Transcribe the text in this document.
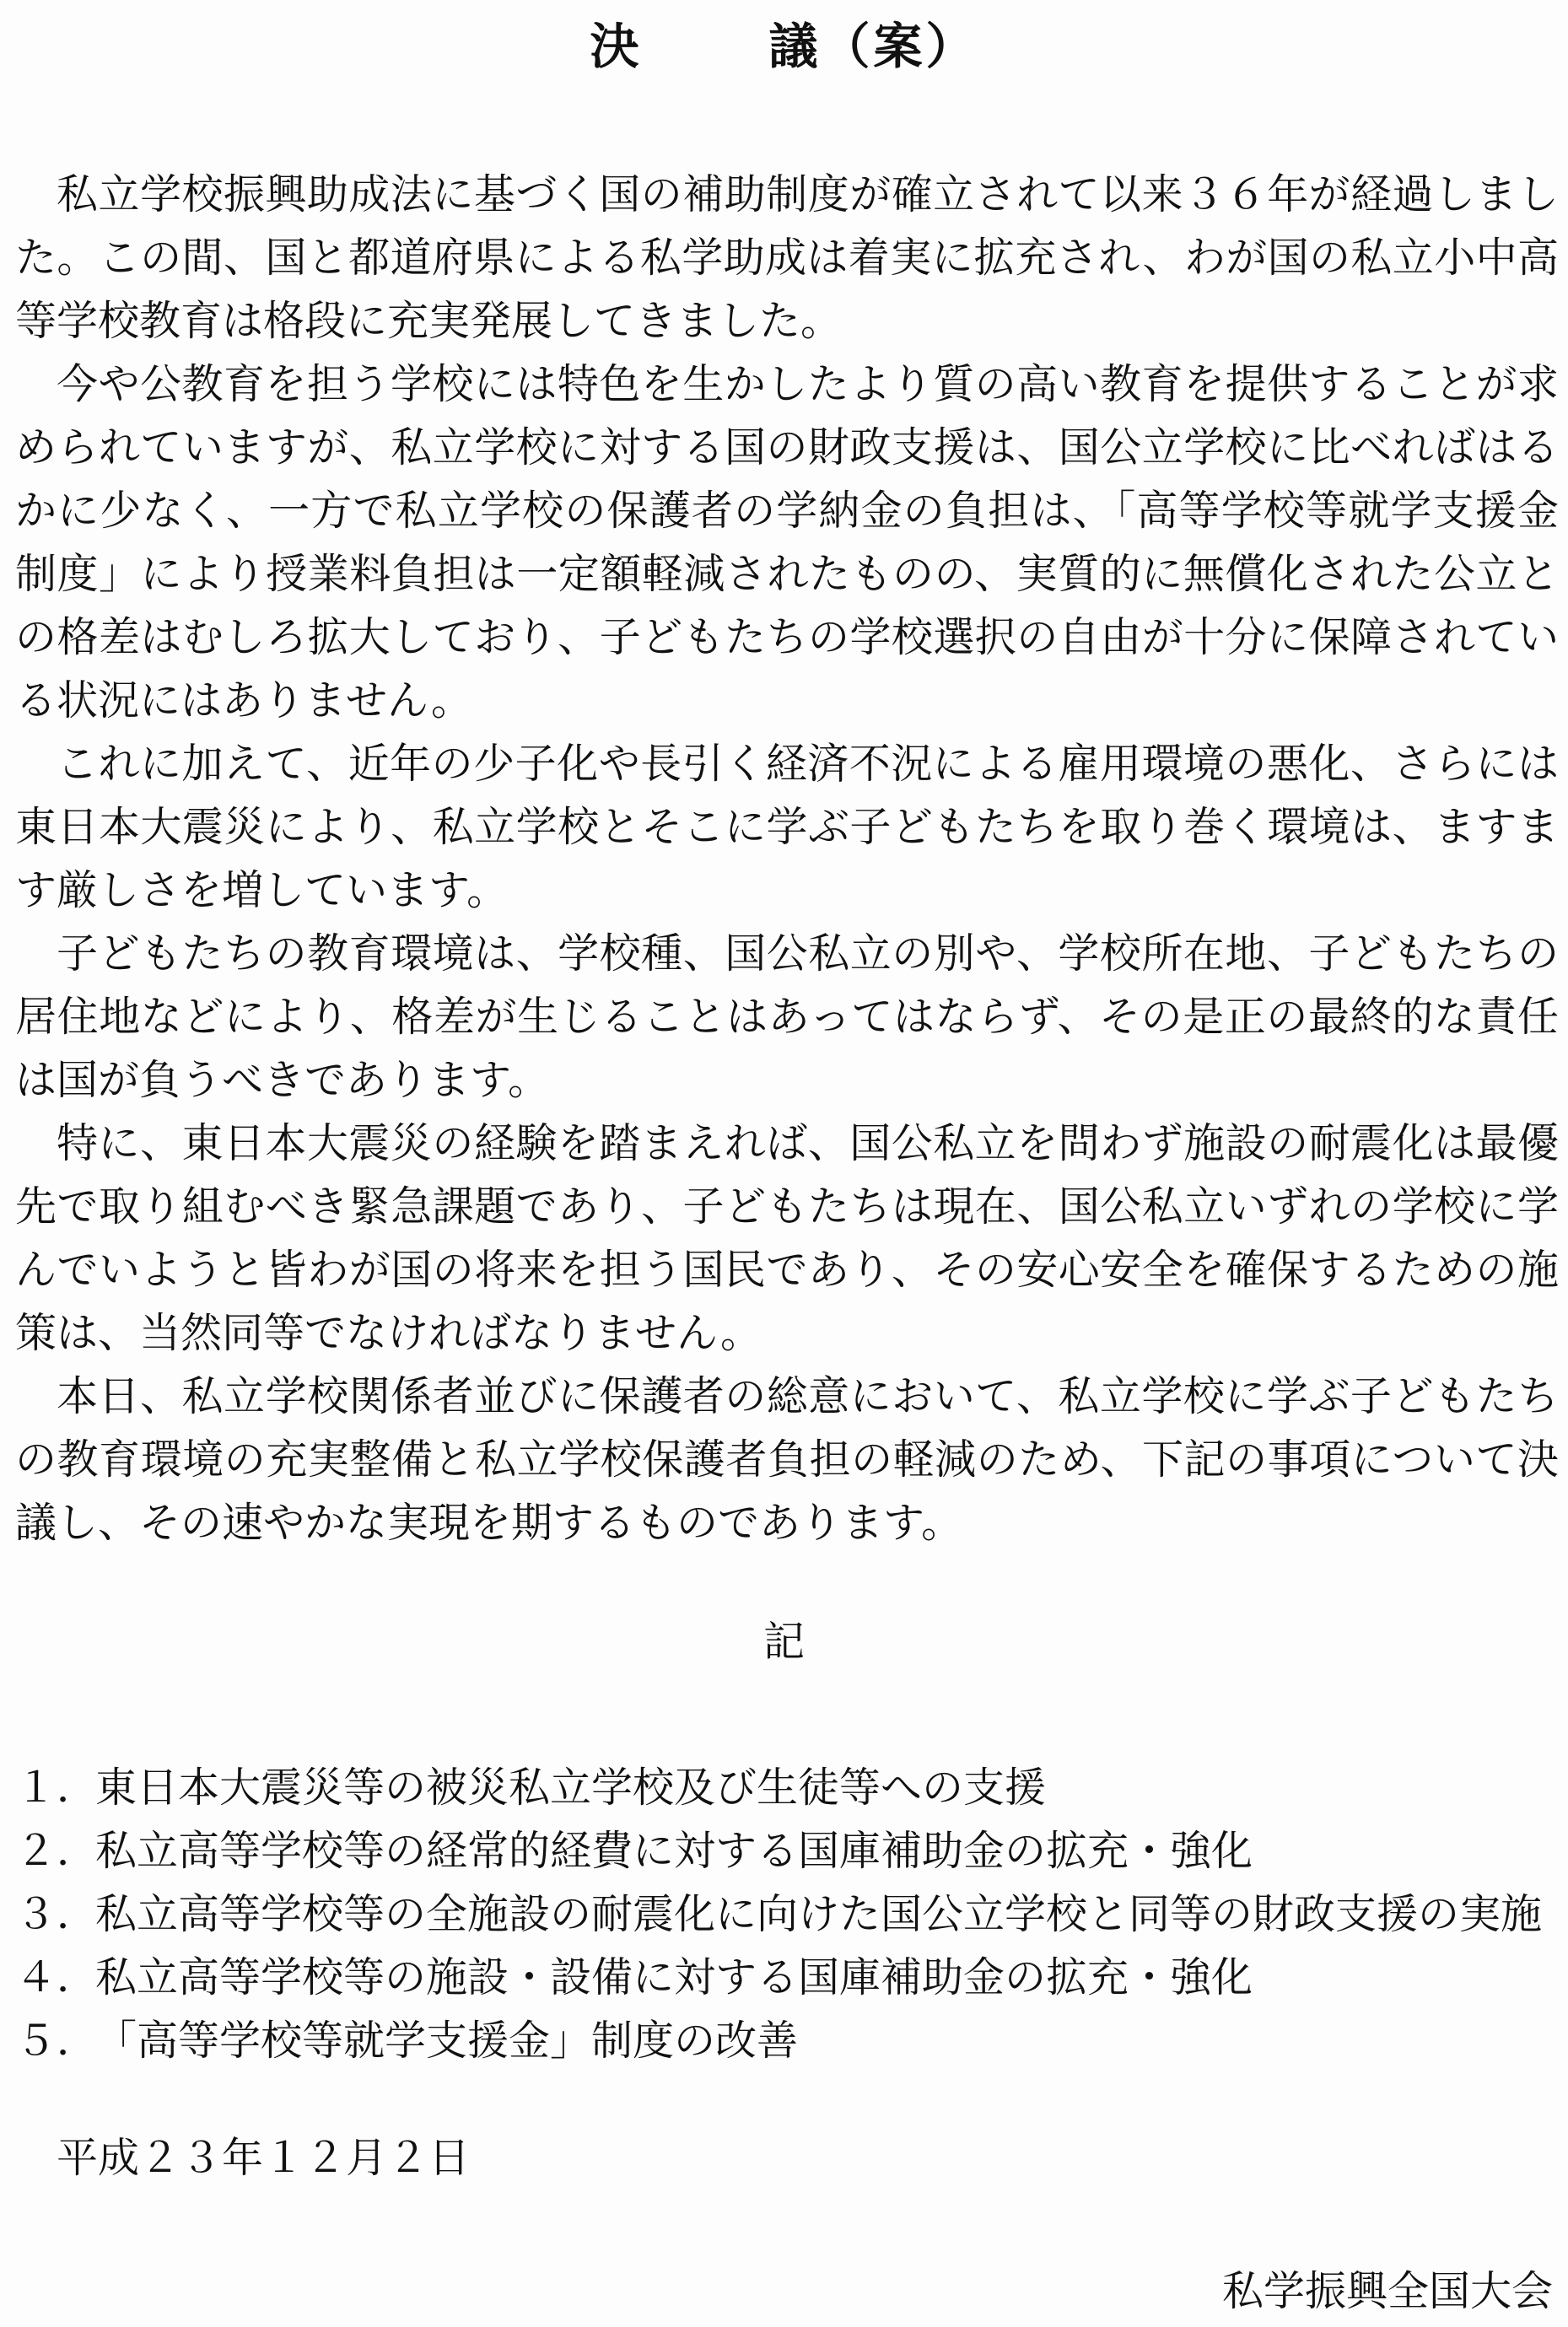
決	議（案）

私立学校振興助成法に基づく国の補助制度が確立されて以来３６年が経過しました。この間、国と都道府県による私学助成は着実に拡充され、わが国の私立小中高等学校教育は格段に充実発展してきました。

今や公教育を担う学校には特色を生かしたより質の高い教育を提供することが求められていますが、私立学校に対する国の財政支援は、国公立学校に比べればはるかに少なく、一方で私立学校の保護者の学納金の負担は、「高等学校等就学支援金制度」により授業料負担は一定額軽減されたものの、実質的に無償化された公立との格差はむしろ拡大しており、子どもたちの学校選択の自由が十分に保障されている状況にはありません。

これに加えて、近年の少子化や長引く経済不況による雇用環境の悪化、さらには東日本大震災により、私立学校とそこに学ぶ子どもたちを取り巻く環境は、ますます厳しさを増しています。

子どもたちの教育環境は、学校種、国公私立の別や、学校所在地、子どもたちの居住地などにより、格差が生じることはあってはならず、その是正の最終的な責任は国が負うべきであります。

特に、東日本大震災の経験を踏まえれば、国公私立を問わず施設の耐震化は最優先で取り組むべき緊急課題であり、子どもたちは現在、国公私立いずれの学校に学んでいようと皆わが国の将来を担う国民であり、その安心安全を確保するための施策は、当然同等でなければなりません。

本日、私立学校関係者並びに保護者の総意において、私立学校に学ぶ子どもたちの教育環境の充実整備と私立学校保護者負担の軽減のため、下記の事項について決議し、その速やかな実現を期するものであります。

記

１．
東日本大震災等の被災私立学校及び生徒等への支援
２．
私立高等学校等の経常的経費に対する国庫補助金の拡充・強化
３．
私立高等学校等の全施設の耐震化に向けた国公立学校と同等の財政支援の実施
４．
私立高等学校等の施設・設備に対する国庫補助金の拡充・強化
５．
「高等学校等就学支援金」制度の改善

平成２３年１２月２日

私学振興全国大会
